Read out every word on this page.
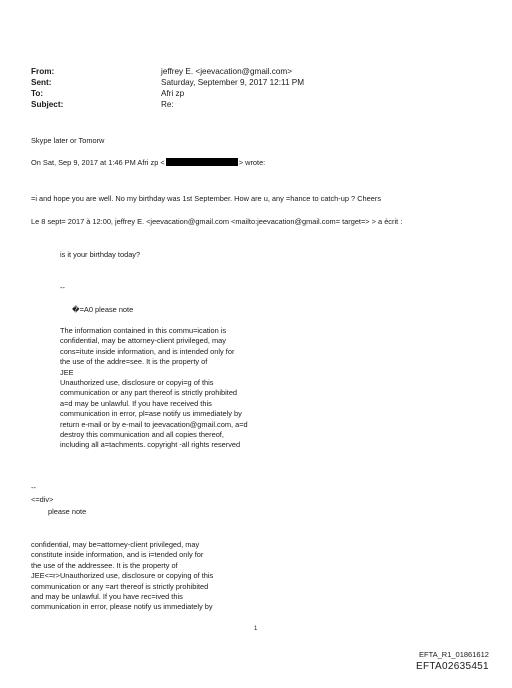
From:	jeffrey E. <jeevacation@gmail.com>
Sent:	Saturday, September 9, 2017 12:11 PM
To:	Afri zp
Subject:	Re:
Skype later or Tomorw
On Sat, Sep 9, 2017 at 1:46 PM Afri zp <	> wrote:
=i and hope you are well. No my birthday was 1st September. How are u, any =hance to catch-up ? Cheers
Le 8 sept= 2017 à 12:00, jeffrey E. <jeevacation@gmail.com <mailto:jeevacation@gmail.com= target=> > a écrit :
is it your birthday today?
--
�=A0 please note
The information contained in this commu=ication is
confidential, may be attorney-client privileged, may
cons=itute inside information, and is intended only for
the use of the addre=see. It is the property of
JEE
Unauthorized use, disclosure or copyi=g of this
communication or any part thereof is strictly prohibited
a=d may be unlawful. If you have received this
communication in error, pl=ase notify us immediately by
return e-mail or by e-mail to jeevacation@gmail.com, a=d
destroy this communication and all copies thereof,
including all a=tachments. copyright -all rights reserved
--
<=div>
please note
confidential, may be=attorney-client privileged, may
constitute inside information, and is i=tended only for
the use of the addressee. It is the property of
JEE<=r>Unauthorized use, disclosure or copying of this
communication or any =art thereof is strictly prohibited
and may be unlawful. If you have rec=ived this
communication in error, please notify us immediately by
1
EFTA_R1_01861612
EFTA02635451
